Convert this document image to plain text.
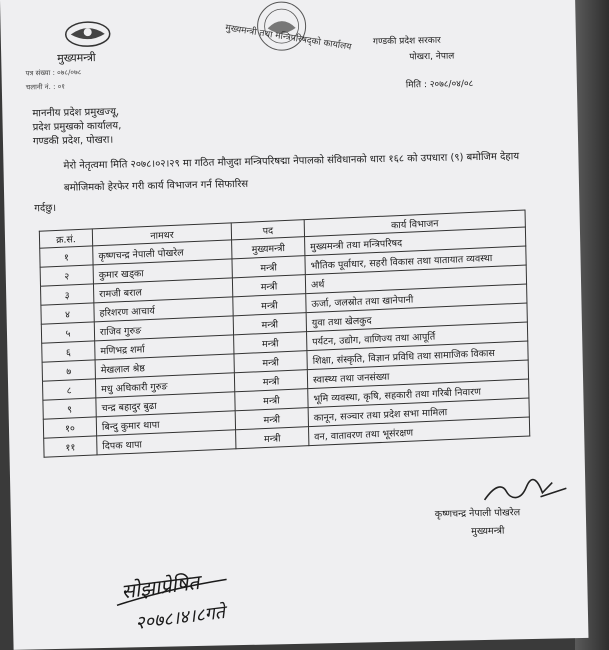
मुख्यमन्त्री
पत्र संख्या : ०७८/०७८
चलानी नं. : ०१
मुख्यमन्त्री तथा मन्त्रिपरिषद्को कार्यालय गण्डकी प्रदेश सरकार
पोखरा, नेपाल
मिति : २०७८/०४/०८
माननीय प्रदेश प्रमुखज्यू,
प्रदेश प्रमुखको कार्यालय,
गण्डकी प्रदेश, पोखरा।
मेरो नेतृत्वमा मिति २०७८।०२।२९ मा गठित मौजुदा मन्त्रिपरिषद्मा नेपालको संविधानको धारा १६८ को उपधारा (९) बमोजिम देहाय बमोजिमको हेरफेर गरी कार्य विभाजन गर्न सिफारिस
गर्दछु।
क्र.सं.	नामथर	पद	कार्य विभाजन
१	कृष्णचन्द्र नेपाली पोखरेल	मुख्यमन्त्री	मुख्यमन्त्री तथा मन्त्रिपरिषद
२	कुमार खड्का	मन्त्री	भौतिक पूर्वाधार, सहरी विकास तथा यातायात व्यवस्था
३	रामजी बराल	मन्त्री	अर्थ
४	हरिशरण आचार्य	मन्त्री	ऊर्जा, जलस्रोत तथा खानेपानी
५	राजिव गुरुङ	मन्त्री	युवा तथा खेलकुद
६	मणिभद्र शर्मा	मन्त्री	पर्यटन, उद्योग, वाणिज्य तथा आपूर्ति
७	मेखलाल श्रेष्ठ	मन्त्री	शिक्षा, संस्कृति, विज्ञान प्रविधि तथा सामाजिक विकास
८	मधु अधिकारी गुरुङ	मन्त्री	स्वास्थ्य तथा जनसंख्या
९	चन्द्र बहादुर बुढा	मन्त्री	भूमि व्यवस्था, कृषि, सहकारी तथा गरिबी निवारण
१०	बिन्दु कुमार थापा	मन्त्री	कानून, सञ्चार तथा प्रदेश सभा मामिला
११	दिपक थापा	मन्त्री	वन, वातावरण तथा भूसंरक्षण
कृष्णचन्द्र नेपाली पोखरेल
मुख्यमन्त्री
सोझाप्रेषित
२०७८।४।८गते
